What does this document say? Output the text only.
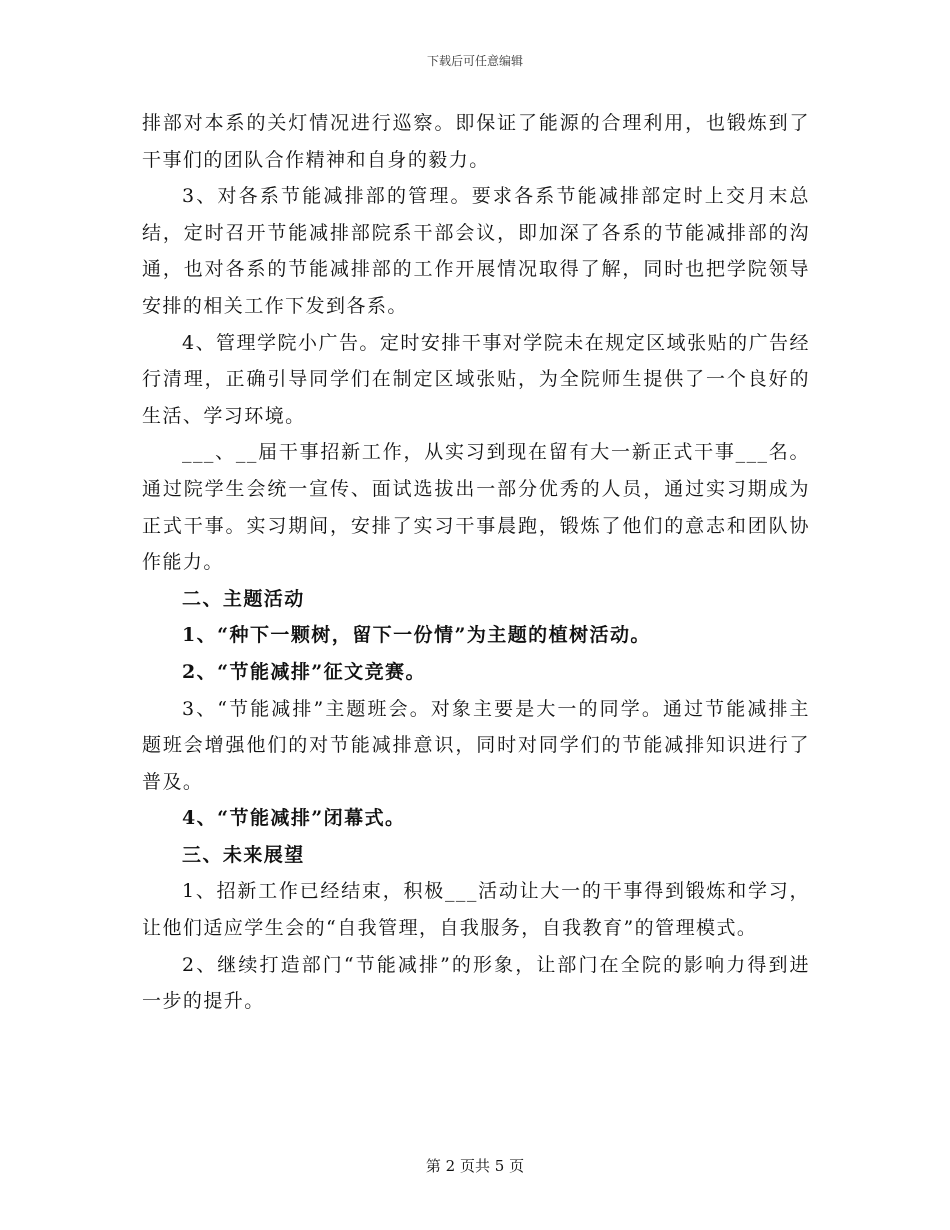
下载后可任意编辑

排部对本系的关灯情况进行巡察。即保证了能源的合理利用，也锻炼到了干事们的团队合作精神和自身的毅力。

3、对各系节能减排部的管理。要求各系节能减排部定时上交月末总结，定时召开节能减排部院系干部会议，即加深了各系的节能减排部的沟通，也对各系的节能减排部的工作开展情况取得了解，同时也把学院领导安排的相关工作下发到各系。

4、管理学院小广告。定时安排干事对学院未在规定区域张贴的广告经行清理，正确引导同学们在制定区域张贴，为全院师生提供了一个良好的生活、学习环境。

___、__届干事招新工作，从实习到现在留有大一新正式干事___名。通过院学生会统一宣传、面试选拔出一部分优秀的人员，通过实习期成为正式干事。实习期间，安排了实习干事晨跑，锻炼了他们的意志和团队协作能力。

二、主题活动

1、“种下一颗树，留下一份情”为主题的植树活动。

2、“节能减排”征文竞赛。

3、“节能减排”主题班会。对象主要是大一的同学。通过节能减排主题班会增强他们的对节能减排意识，同时对同学们的节能减排知识进行了普及。

4、“节能减排”闭幕式。

三、未来展望

1、招新工作已经结束，积极___活动让大一的干事得到锻炼和学习，让他们适应学生会的“自我管理，自我服务，自我教育”的管理模式。

2、继续打造部门“节能减排”的形象，让部门在全院的影响力得到进一步的提升。

第 2 页共 5 页
